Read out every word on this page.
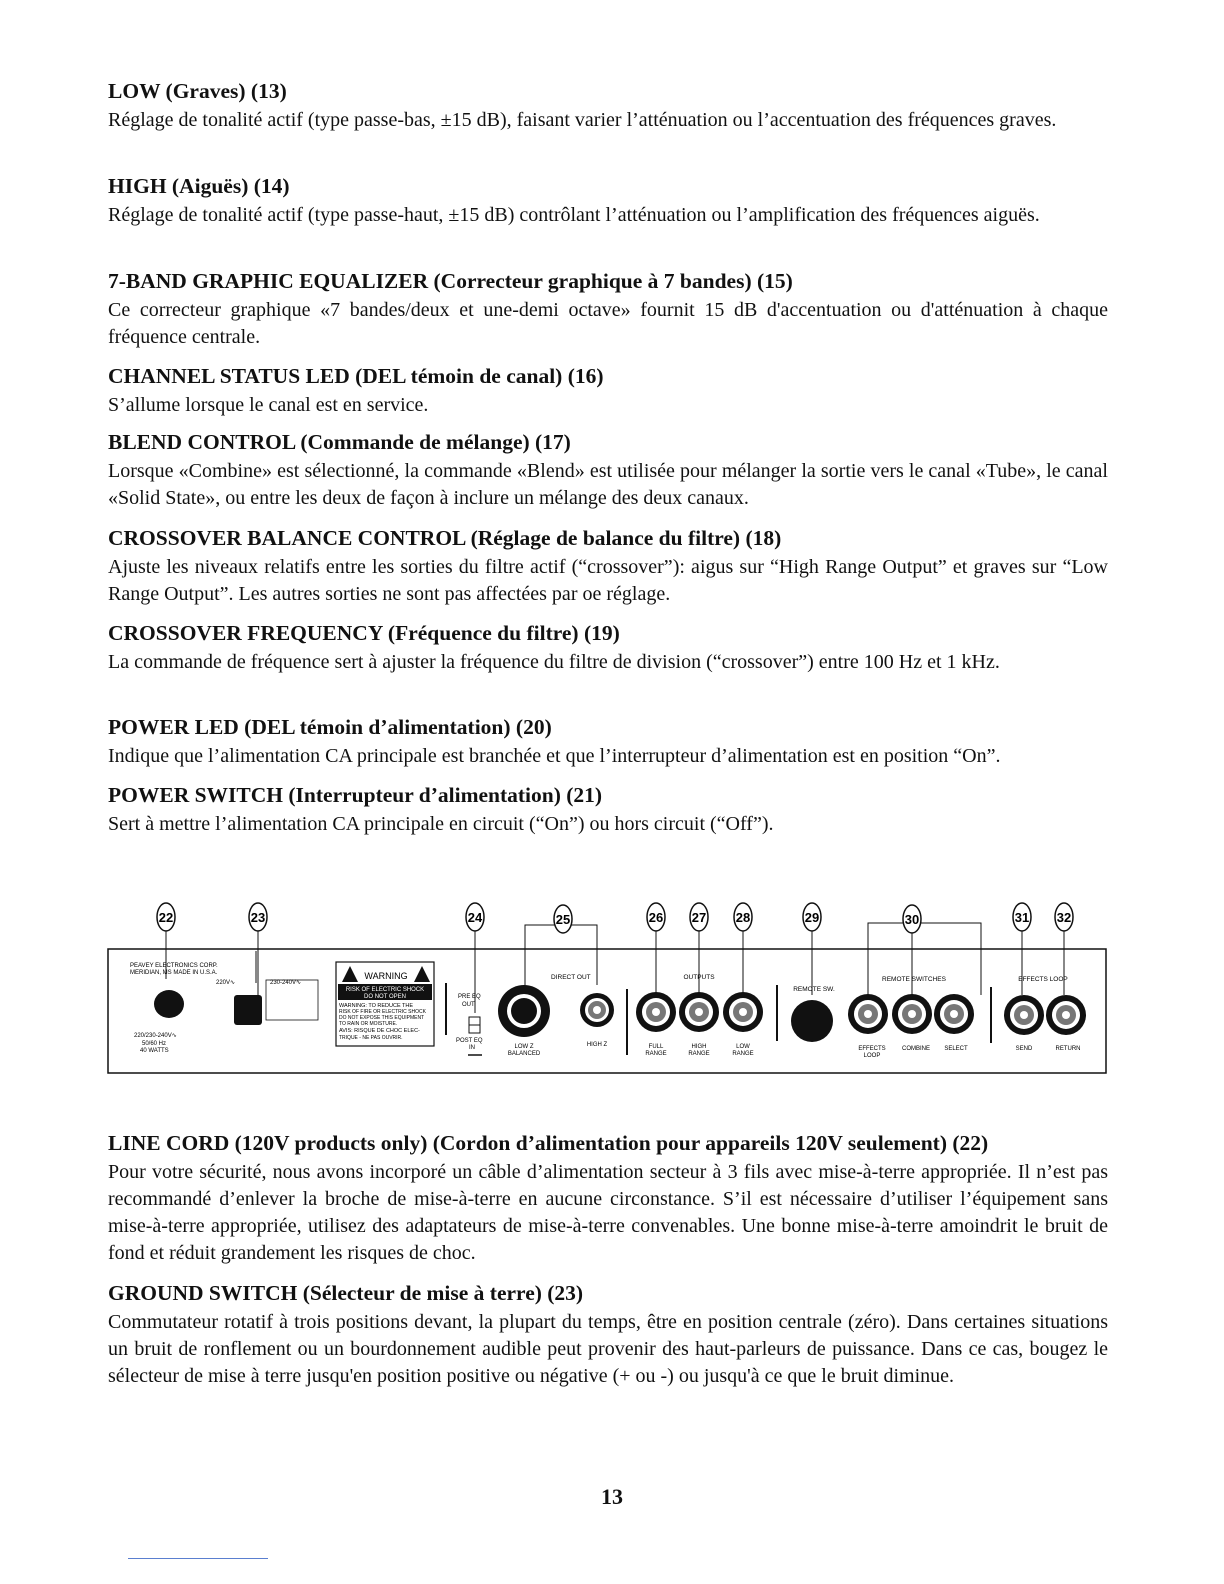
LOW (Graves) (13)
Réglage de tonalité actif (type passe-bas, ±15 dB), faisant varier l’atténuation ou l’accentuation des fréquences graves.
HIGH (Aiguës) (14)
Réglage de tonalité actif (type passe-haut, ±15 dB) contrôlant l’atténuation ou l’amplification des fréquences aiguës.
7-BAND GRAPHIC EQUALIZER (Correcteur graphique à 7 bandes) (15)
Ce correcteur graphique «7 bandes/deux et une-demi octave» fournit 15 dB d'accentuation ou d'atténuation à chaque fréquence centrale.
CHANNEL STATUS LED (DEL témoin de canal) (16)
S’allume lorsque le canal est en service.
BLEND CONTROL (Commande de mélange) (17)
Lorsque «Combine» est sélectionné, la commande «Blend» est utilisée pour mélanger la sortie vers le canal «Tube», le canal «Solid State», ou entre les deux de façon à inclure un mélange des deux canaux.
CROSSOVER BALANCE CONTROL (Réglage de balance du filtre) (18)
Ajuste les niveaux relatifs entre les sorties du filtre actif (“crossover”): aigus sur “High Range Output” et graves sur “Low Range Output”. Les autres sorties ne sont pas affectées par oe réglage.
CROSSOVER FREQUENCY (Fréquence du filtre) (19)
La commande de fréquence sert à ajuster la fréquence du filtre de division (“crossover”) entre 100 Hz et 1 kHz.
POWER LED (DEL témoin d’alimentation) (20)
Indique que l’alimentation CA principale est branchée et que l’interrupteur d’alimentation est en position “On”.
POWER SWITCH (Interrupteur d’alimentation) (21)
Sert à mettre l’alimentation CA principale en circuit (“On”) ou hors circuit (“Off”).
22	23	24	25	26 27 28	29	30	31 32
PEAVEY ELECTRONICS CORP.
MERIDIAN, MS MADE IN U.S.A.
220/230-240V∿
50/60 Hz
40 WATTS
220V∿	230-240V∿
WARNING
RISK OF ELECTRIC SHOCK
DO NOT OPEN
WARNING: TO REDUCE THE
RISK OF FIRE OR ELECTRIC SHOCK
DO NOT EXPOSE THIS EQUIPMENT
TO RAIN OR MOISTURE.
AVIS: RISQUE DE CHOC ELEC-
TRIQUE - NE PAS OUVRIR.
PRE EQ
OUT
POST EQ
IN	LOW Z
BALANCED
DIRECT OUT
HIGH Z
OUTPUTS
FULL
RANGE
HIGH
RANGE
LOW
RANGE
REMOTE SW.
REMOTE SWITCHES
EFFECTS
LOOP
COMBINE SELECT
EFFECTS LOOP
SEND	RETURN
LINE CORD (120V products only) (Cordon d’alimentation pour appareils 120V seulement) (22)
Pour votre sécurité, nous avons incorporé un câble d’alimentation secteur à 3 fils avec mise-à-terre appropriée. Il n’est pas recommandé d’enlever la broche de mise-à-terre en aucune circonstance. S’il est nécessaire d’utiliser l’équipement sans mise-à-terre appropriée, utilisez des adaptateurs de mise-à-terre convenables. Une bonne mise-à-terre amoindrit le bruit de fond et réduit grandement les risques de choc.
GROUND SWITCH (Sélecteur de mise à terre) (23)
Commutateur rotatif à trois positions devant, la plupart du temps, être en position centrale (zéro). Dans certaines situations un bruit de ronflement ou un bourdonnement audible peut provenir des haut-parleurs de puissance. Dans ce cas, bougez le sélecteur de mise à terre jusqu'en position positive ou négative (+ ou -) ou jusqu'à ce que le bruit diminue.
13
